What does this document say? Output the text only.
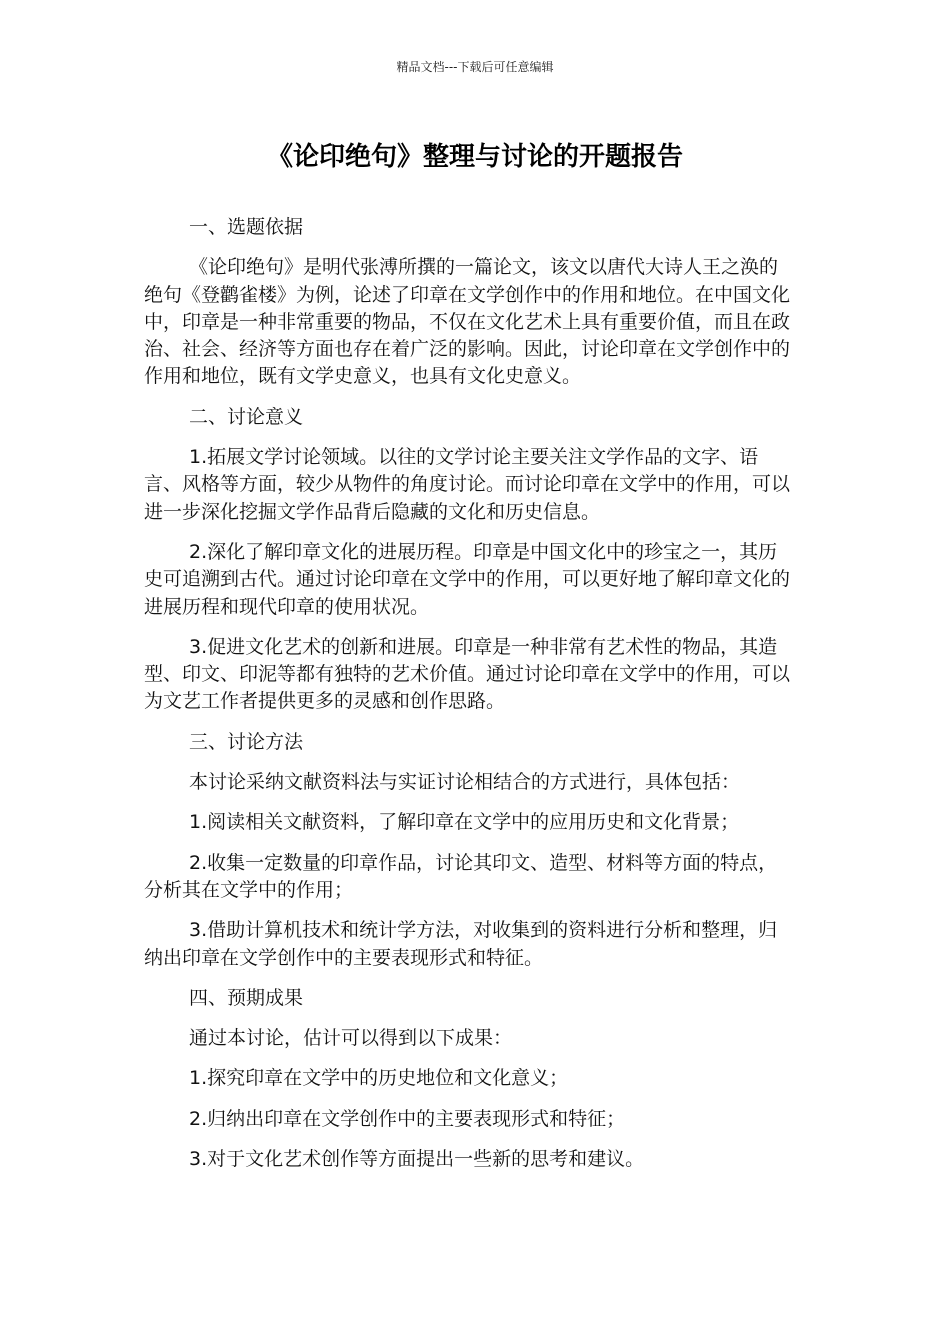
精品文档---下载后可任意编辑
《论印绝句》整理与讨论的开题报告

一、选题依据

《论印绝句》是明代张溥所撰的一篇论文，该文以唐代大诗人王之涣的绝句《登鹳雀楼》为例，论述了印章在文学创作中的作用和地位。在中国文化中，印章是一种非常重要的物品，不仅在文化艺术上具有重要价值，而且在政治、社会、经济等方面也存在着广泛的影响。因此，讨论印章在文学创作中的作用和地位，既有文学史意义，也具有文化史意义。

二、讨论意义

1.拓展文学讨论领域。以往的文学讨论主要关注文学作品的文字、语言、风格等方面，较少从物件的角度讨论。而讨论印章在文学中的作用，可以进一步深化挖掘文学作品背后隐藏的文化和历史信息。

2.深化了解印章文化的进展历程。印章是中国文化中的珍宝之一，其历史可追溯到古代。通过讨论印章在文学中的作用，可以更好地了解印章文化的进展历程和现代印章的使用状况。

3.促进文化艺术的创新和进展。印章是一种非常有艺术性的物品，其造型、印文、印泥等都有独特的艺术价值。通过讨论印章在文学中的作用，可以为文艺工作者提供更多的灵感和创作思路。

三、讨论方法

本讨论采纳文献资料法与实证讨论相结合的方式进行，具体包括：

1.阅读相关文献资料，了解印章在文学中的应用历史和文化背景；

2.收集一定数量的印章作品，讨论其印文、造型、材料等方面的特点，分析其在文学中的作用；

3.借助计算机技术和统计学方法，对收集到的资料进行分析和整理，归纳出印章在文学创作中的主要表现形式和特征。

四、预期成果

通过本讨论，估计可以得到以下成果：

1.探究印章在文学中的历史地位和文化意义；

2.归纳出印章在文学创作中的主要表现形式和特征；

3.对于文化艺术创作等方面提出一些新的思考和建议。
